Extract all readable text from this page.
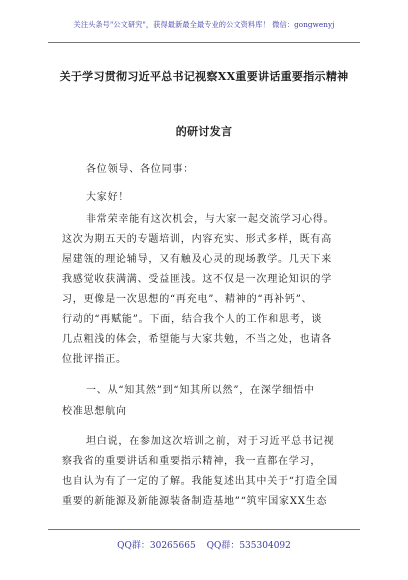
关注头条号"公文研究"，获得最新最全最专业的公文资料库！ 微信：gongwenyj
关于学习贯彻习近平总书记视察XX重要讲话重要指示精神
的研讨发言
各位领导、各位同事：
大家好！
非常荣幸能有这次机会，与大家一起交流学习心得。
这次为期五天的专题培训，内容充实、形式多样，既有高
屋建瓴的理论辅导，又有触及心灵的现场教学。几天下来
我感觉收获满满、受益匪浅。这不仅是一次理论知识的学
习，更像是一次思想的“再充电”、精神的“再补钙”、
行动的“再赋能”。下面，结合我个人的工作和思考，谈
几点粗浅的体会，希望能与大家共勉，不当之处，也请各
位批评指正。
一、从“知其然”到“知其所以然”，在深学细悟中
校准思想航向
坦白说，在参加这次培训之前，对于习近平总书记视
察我省的重要讲话和重要指示精神，我一直都在学习，
也自认为有了一定的了解。我能复述出其中关于“打造全国
重要的新能源及新能源装备制造基地”“筑牢国家XX生态
QQ群：30265665 QQ群：535304092
